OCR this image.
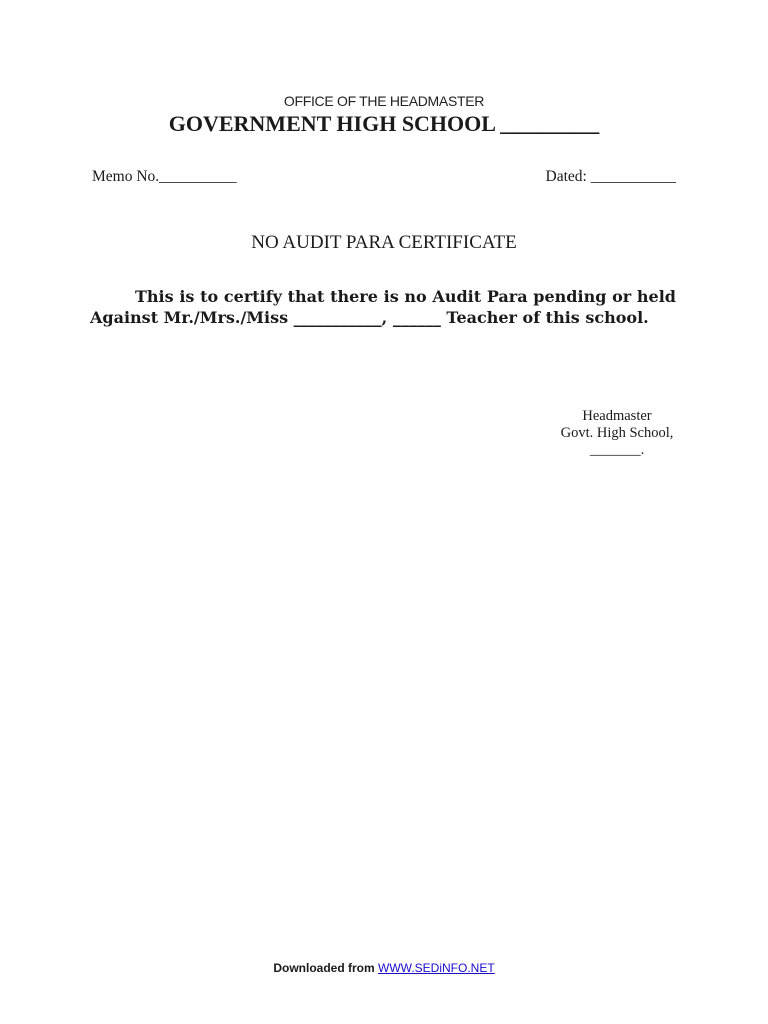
OFFICE OF THE HEADMASTER
GOVERNMENT HIGH SCHOOL _________
Memo No.__________	Dated: ___________
NO AUDIT PARA CERTIFICATE
This is to certify that there is no Audit Para pending or held Against Mr./Mrs./Miss ___________, ______ Teacher of this school.
Headmaster
Govt. High School,
_______.
Downloaded from WWW.SEDiNFO.NET
